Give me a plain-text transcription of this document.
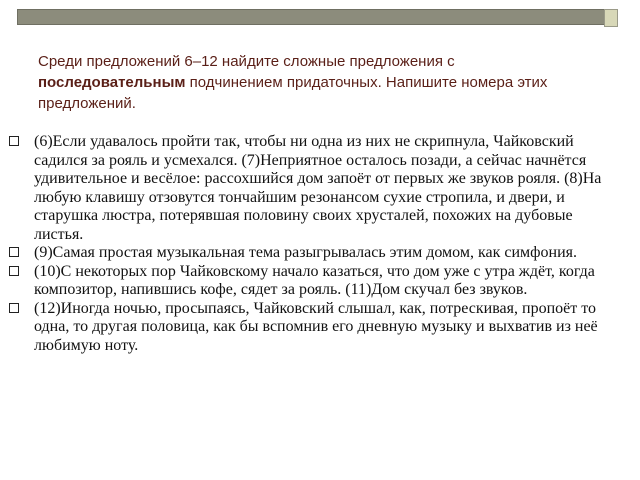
Среди предложений 6–12 найдите сложные предложения с последовательным подчинением придаточных. Напишите номера этих предложений.
(6)Если удавалось пройти так, чтобы ни одна из них не скрипнула, Чайковский садился за рояль и усмехался. (7)Неприятное осталось позади, а сейчас начнётся удивительное и весёлое: рассохшийся дом запоёт от первых же звуков рояля. (8)На любую клавишу отзовутся тончайшим резонансом сухие стропила, и двери, и старушка люстра, потерявшая половину своих хрусталей, похожих на дубовые листья.
(9)Самая простая музыкальная тема разыгрывалась этим домом, как симфония.
(10)С некоторых пор Чайковскому начало казаться, что дом уже с утра ждёт, когда композитор, напившись кофе, сядет за рояль. (11)Дом скучал без звуков.
(12)Иногда ночью, просыпаясь, Чайковский слышал, как, потрескивая, пропоёт то одна, то другая половица, как бы вспомнив его дневную музыку и выхватив из неё любимую ноту.
